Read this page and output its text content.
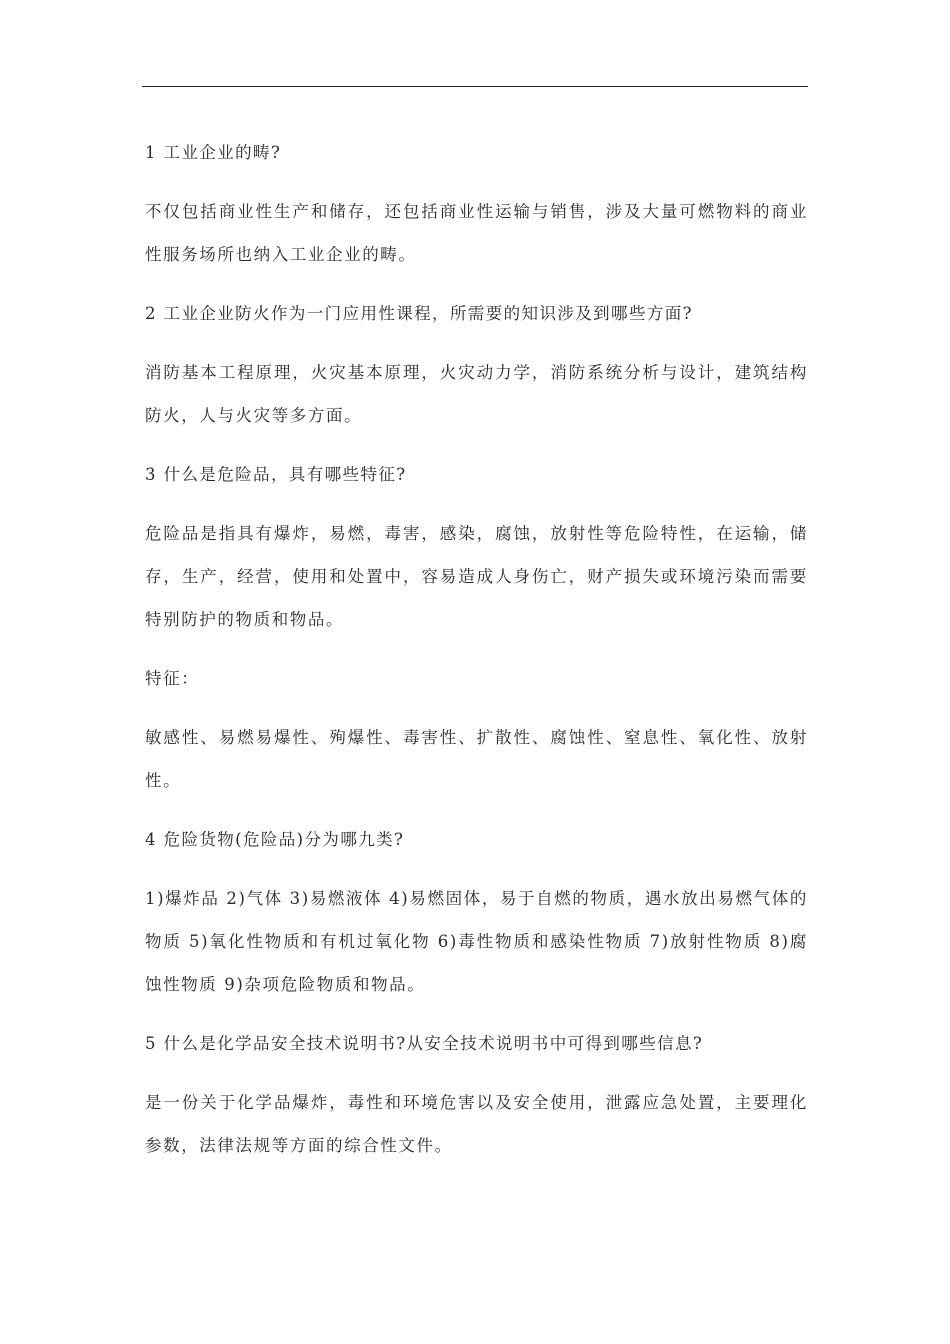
1 工业企业的畴?

不仅包括商业性生产和储存，还包括商业性运输与销售，涉及大量可燃物料的商业性服务场所也纳入工业企业的畴。

2 工业企业防火作为一门应用性课程，所需要的知识涉及到哪些方面?

消防基本工程原理，火灾基本原理，火灾动力学，消防系统分析与设计，建筑结构防火，人与火灾等多方面。

3 什么是危险品，具有哪些特征?

危险品是指具有爆炸，易燃，毒害，感染，腐蚀，放射性等危险特性，在运输，储存，生产，经营，使用和处置中，容易造成人身伤亡，财产损失或环境污染而需要特别防护的物质和物品。

特征：

敏感性、易燃易爆性、殉爆性、毒害性、扩散性、腐蚀性、窒息性、氧化性、放射性。

4 危险货物(危险品)分为哪九类?

1)爆炸品 2)气体 3)易燃液体 4)易燃固体，易于自燃的物质，遇水放出易燃气体的物质 5)氧化性物质和有机过氧化物 6)毒性物质和感染性物质 7)放射性物质 8)腐蚀性物质 9)杂项危险物质和物品。

5 什么是化学品安全技术说明书?从安全技术说明书中可得到哪些信息?

是一份关于化学品爆炸，毒性和环境危害以及安全使用，泄露应急处置，主要理化参数，法律法规等方面的综合性文件。
